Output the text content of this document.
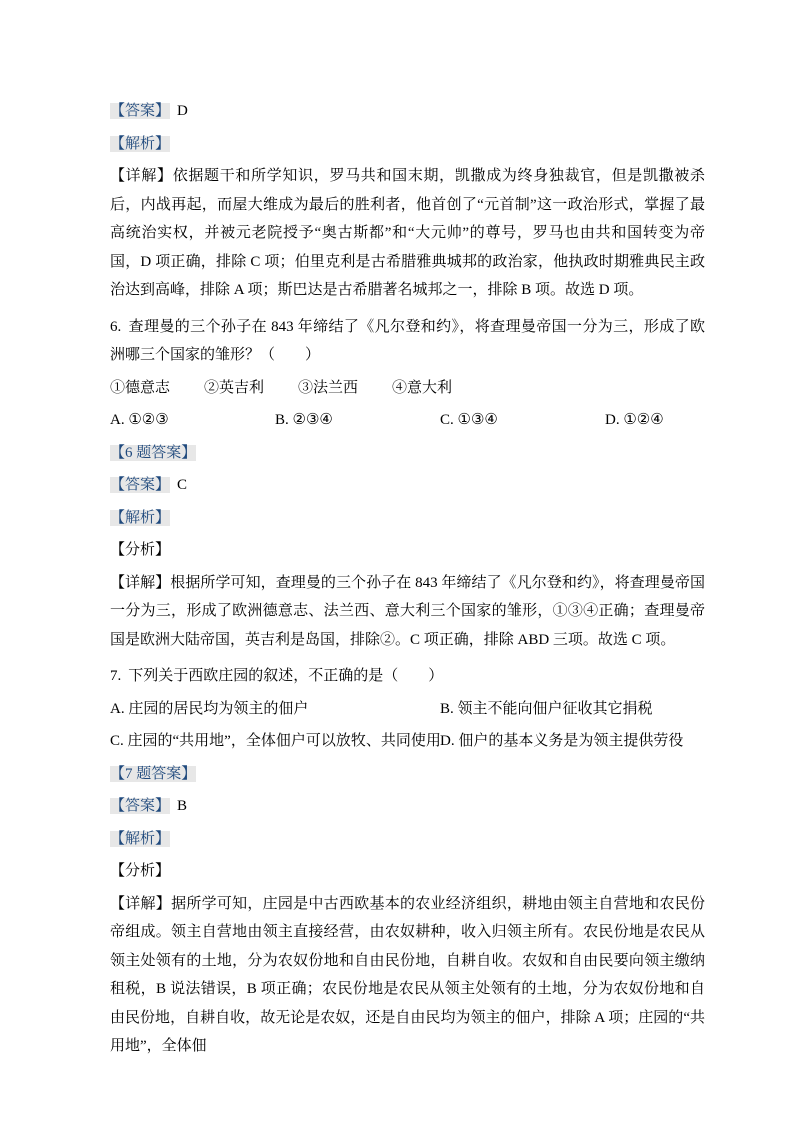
【答案】 D

【解析】

【详解】依据题干和所学知识，罗马共和国末期，凯撒成为终身独裁官，但是凯撒被杀后，内战再起，而屋大维成为最后的胜利者，他首创了“元首制”这一政治形式，掌握了最高统治实权，并被元老院授予“奥古斯都”和“大元帅”的尊号，罗马也由共和国转变为帝国，D 项正确，排除 C 项；伯里克利是古希腊雅典城邦的政治家，他执政时期雅典民主政治达到高峰，排除 A 项；斯巴达是古希腊著名城邦之一，排除 B 项。故选 D 项。

6. 查理曼的三个孙子在 843 年缔结了《凡尔登和约》，将查理曼帝国一分为三，形成了欧洲哪三个国家的雏形？（　　）

①德意志	②英吉利	③法兰西	④意大利
A. ①②③	B. ②③④	C. ①③④	D. ①②④

【6 题答案】

【答案】 C

【解析】

【分析】

【详解】根据所学可知，查理曼的三个孙子在 843 年缔结了《凡尔登和约》，将查理曼帝国一分为三，形成了欧洲德意志、法兰西、意大利三个国家的雏形，①③④正确；查理曼帝国是欧洲大陆帝国，英吉利是岛国，排除②。C 项正确，排除 ABD 三项。故选 C 项。

7. 下列关于西欧庄园的叙述，不正确的是（　　）

A. 庄园的居民均为领主的佃户	B. 领主不能向佃户征收其它捐税
C. 庄园的“共用地”，全体佃户可以放牧、共同使用 D. 佃户的基本义务是为领主提供劳役

【7 题答案】

【答案】 B

【解析】

【分析】

【详解】据所学可知，庄园是中古西欧基本的农业经济组织，耕地由领主自营地和农民份帝组成。领主自营地由领主直接经营，由农奴耕种，收入归领主所有。农民份地是农民从领主处领有的土地，分为农奴份地和自由民份地，自耕自收。农奴和自由民要向领主缴纳租税，B 说法错误，B 项正确；农民份地是农民从领主处领有的土地，分为农奴份地和自由民份地，自耕自收，故无论是农奴，还是自由民均为领主的佃户，排除 A 项；庄园的“共用地”，全体佃
